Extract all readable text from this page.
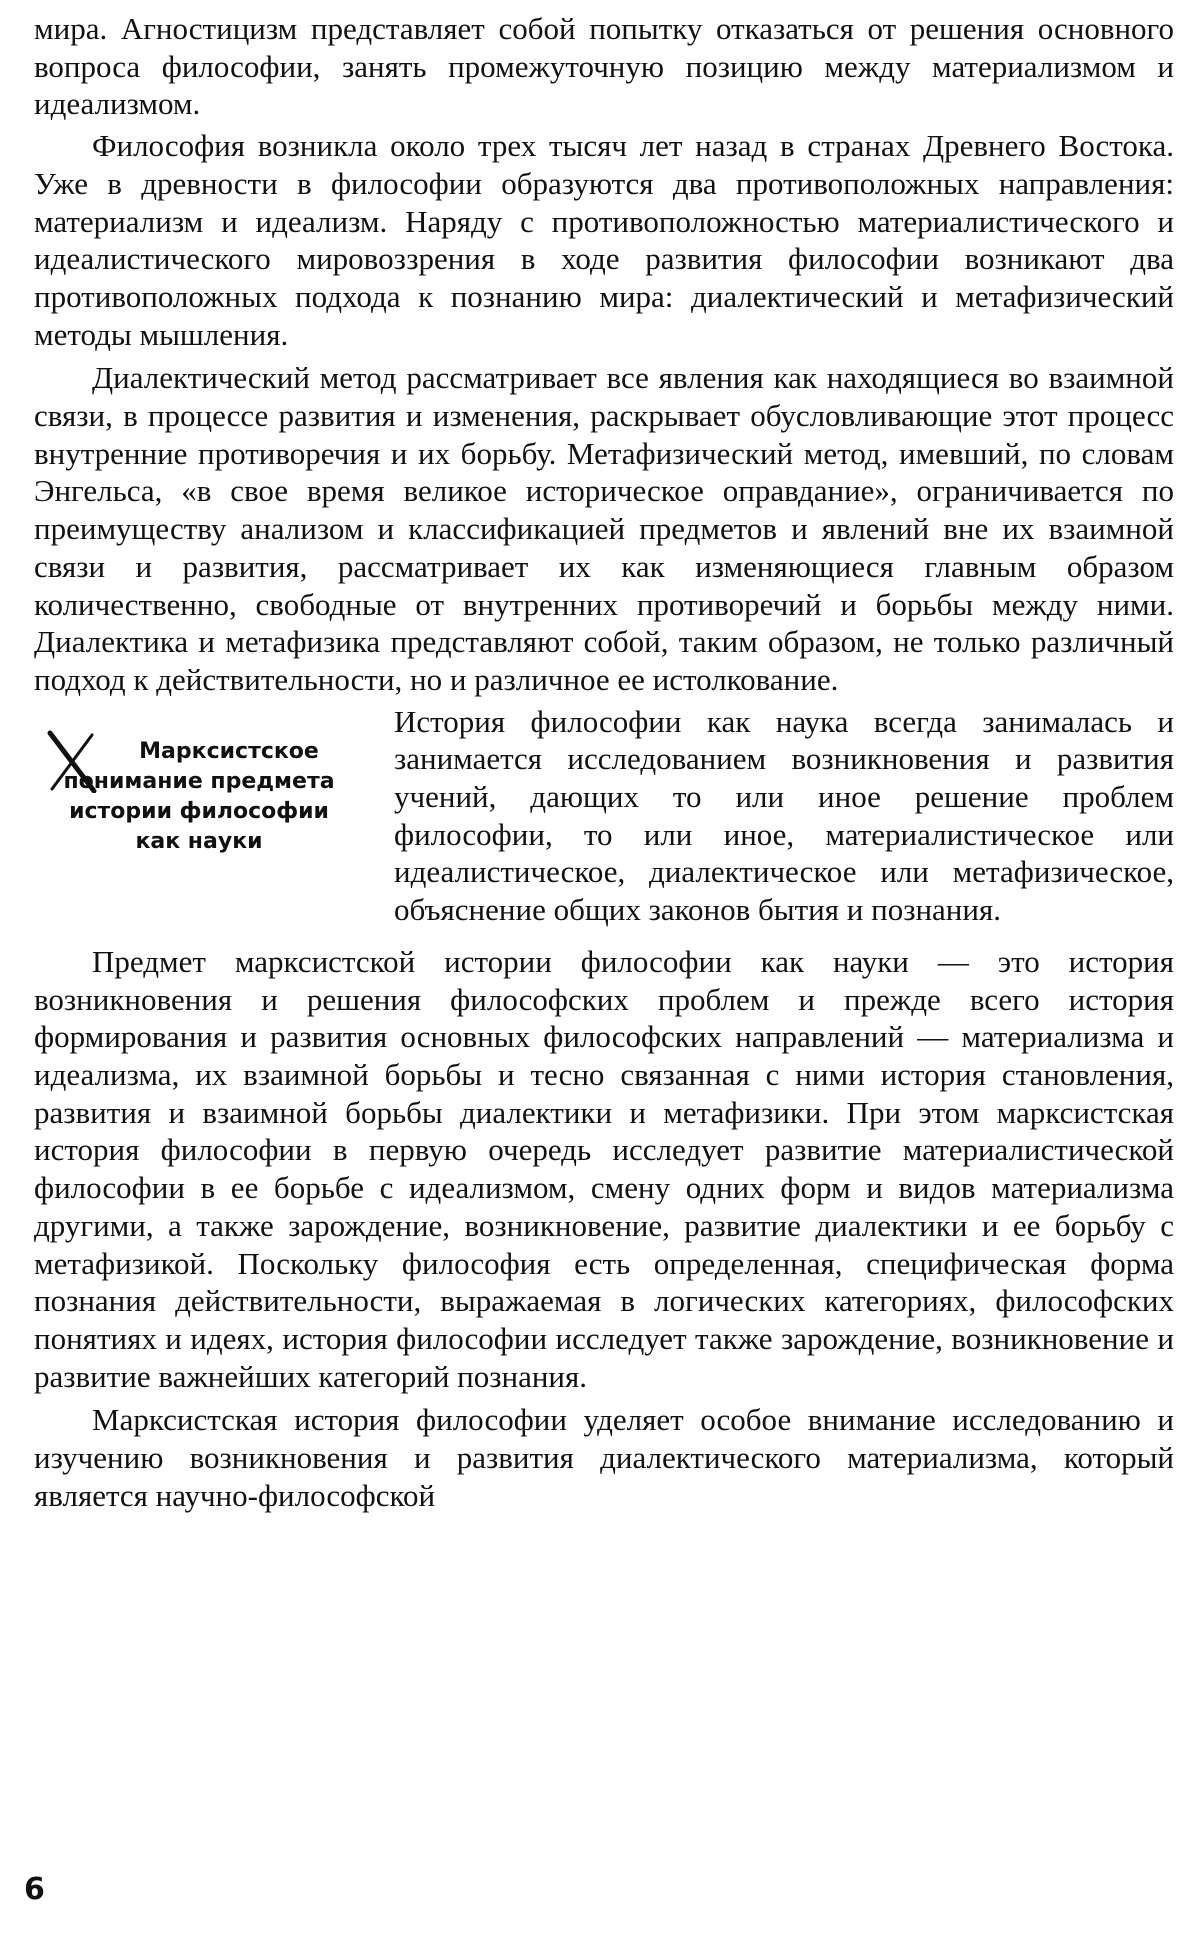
мира. Агностицизм представляет собой попытку отказаться от решения основного вопроса философии, занять промежуточную позицию между материализмом и идеализмом.

Философия возникла около трех тысяч лет назад в странах Древнего Востока. Уже в древности в философии образуются два противоположных направления: материализм и идеализм. Наряду с противоположностью материалистического и идеалистического мировоззрения в ходе развития философии возникают два противоположных подхода к познанию мира: диалектический и метафизический методы мышления.

Диалектический метод рассматривает все явления как находящиеся во взаимной связи, в процессе развития и изменения, раскрывает обусловливающие этот процесс внутренние противоречия и их борьбу. Метафизический метод, имевший, по словам Энгельса, «в свое время великое историческое оправдание», ограничивается по преимуществу анализом и классификацией предметов и явлений вне их взаимной связи и развития, рассматривает их как изменяющиеся главным образом количественно, свободные от внутренних противоречий и борьбы между ними. Диалектика и метафизика представляют собой, таким образом, не только различный подход к действительности, но и различное ее истолкование.

Марксистское
понимание предмета
истории философии
как науки

История философии как наука всегда занималась и занимается исследованием возникновения и развития учений, дающих то или иное решение проблем философии, то или иное, материалистическое или идеалистическое, диалектическое или метафизическое, объяснение общих законов бытия и познания.

Предмет марксистской истории философии как науки — это история возникновения и решения философских проблем и прежде всего история формирования и развития основных философских направлений — материализма и идеализма, их взаимной борьбы и тесно связанная с ними история становления, развития и взаимной борьбы диалектики и метафизики. При этом марксистская история философии в первую очередь исследует развитие материалистической философии в ее борьбе с идеализмом, смену одних форм и видов материализма другими, а также зарождение, возникновение, развитие диалектики и ее борьбу с метафизикой. Поскольку философия есть определенная, специфическая форма познания действительности, выражаемая в логических категориях, философских понятиях и идеях, история философии исследует также зарождение, возникновение и развитие важнейших категорий познания.

Марксистская история философии уделяет особое внимание исследованию и изучению возникновения и развития диалектического материализма, который является научно-философской

6
